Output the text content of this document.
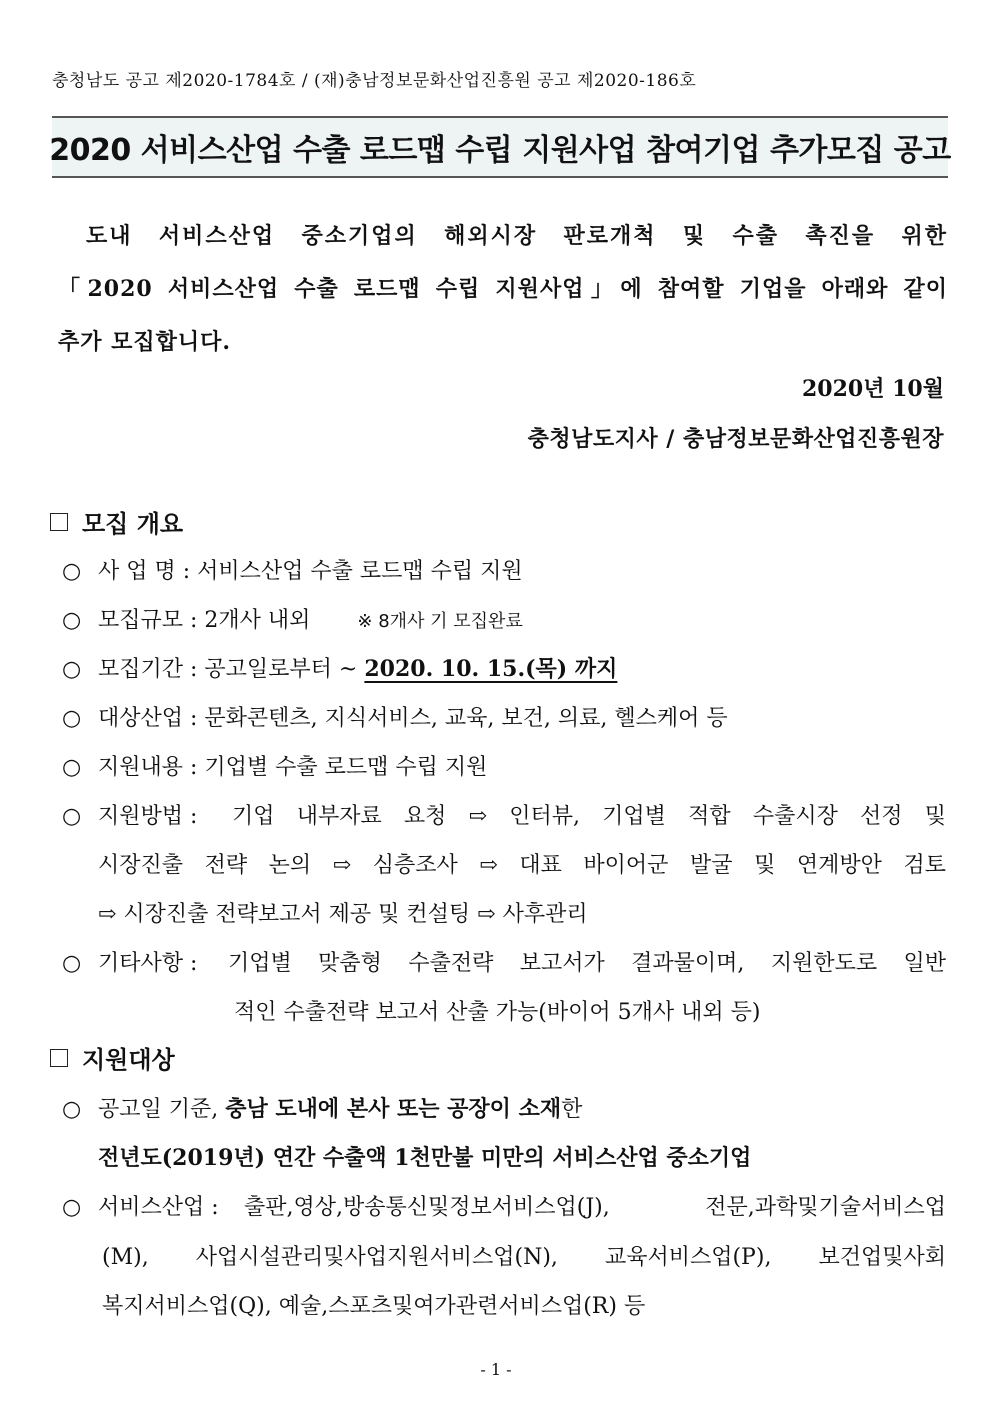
충청남도 공고 제2020-1784호 / (재)충남정보문화산업진흥원 공고 제2020-186호
2020 서비스산업 수출 로드맵 수립 지원사업 참여기업 추가모집 공고
도내 서비스산업 중소기업의 해외시장 판로개척 및 수출 촉진을 위한
「2020 서비스산업 수출 로드맵 수립 지원사업」에 참여할 기업을 아래와 같이
추가 모집합니다.
2020년 10월
충청남도지사 / 충남정보문화산업진흥원장
모집 개요
○ 사 업 명 : 서비스산업 수출 로드맵 수립 지원
○ 모집규모 : 2개사 내외	※ 8개사 기 모집완료
○ 모집기간 : 공고일로부터 ~ 2020. 10. 15.(목) 까지
○ 대상산업 : 문화콘텐츠, 지식서비스, 교육, 보건, 의료, 헬스케어 등
○ 지원내용 : 기업별 수출 로드맵 수립 지원
○ 지원방법 :	기업 내부자료 요청 ⇨ 인터뷰, 기업별 적합 수출시장 선정 및
시장진출 전략 논의 ⇨ 심층조사 ⇨ 대표 바이어군 발굴 및 연계방안 검토
⇨ 시장진출 전략보고서 제공 및 컨설팅 ⇨ 사후관리
○ 기타사항 :	기업별 맞춤형 수출전략 보고서가 결과물이며, 지원한도로 일반
적인 수출전략 보고서 산출 가능(바이어 5개사 내외 등)
지원대상
○ 공고일 기준, 충남 도내에 본사 또는 공장이 소재한
전년도(2019년) 연간 수출액 1천만불 미만의 서비스산업 중소기업
○ 서비스산업 :	출판,영상,방송통신및정보서비스업(J), 전문,과학및기술서비스업
(M), 사업시설관리및사업지원서비스업(N), 교육서비스업(P), 보건업및사회
복지서비스업(Q), 예술,스포츠및여가관련서비스업(R) 등
- 1 -
